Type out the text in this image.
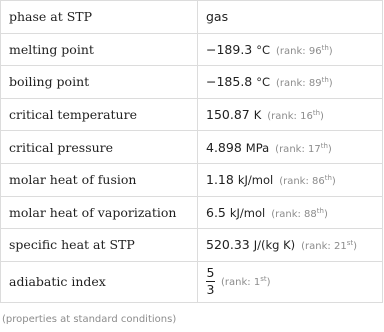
phase at STP	gas
melting point	−189.3 °C (rank: 96th)
boiling point	−185.8 °C (rank: 89th)
critical temperature	150.87 K (rank: 16th)
critical pressure	4.898 MPa (rank: 17th)
molar heat of fusion	1.18 kJ/mol (rank: 86th)
molar heat of vaporization	6.5 kJ/mol (rank: 88th)
specific heat at STP	520.33 J/(kg K) (rank: 21st)
adiabatic index	$\frac{5}{3}$ (rank: 1st)
(properties at standard conditions)
